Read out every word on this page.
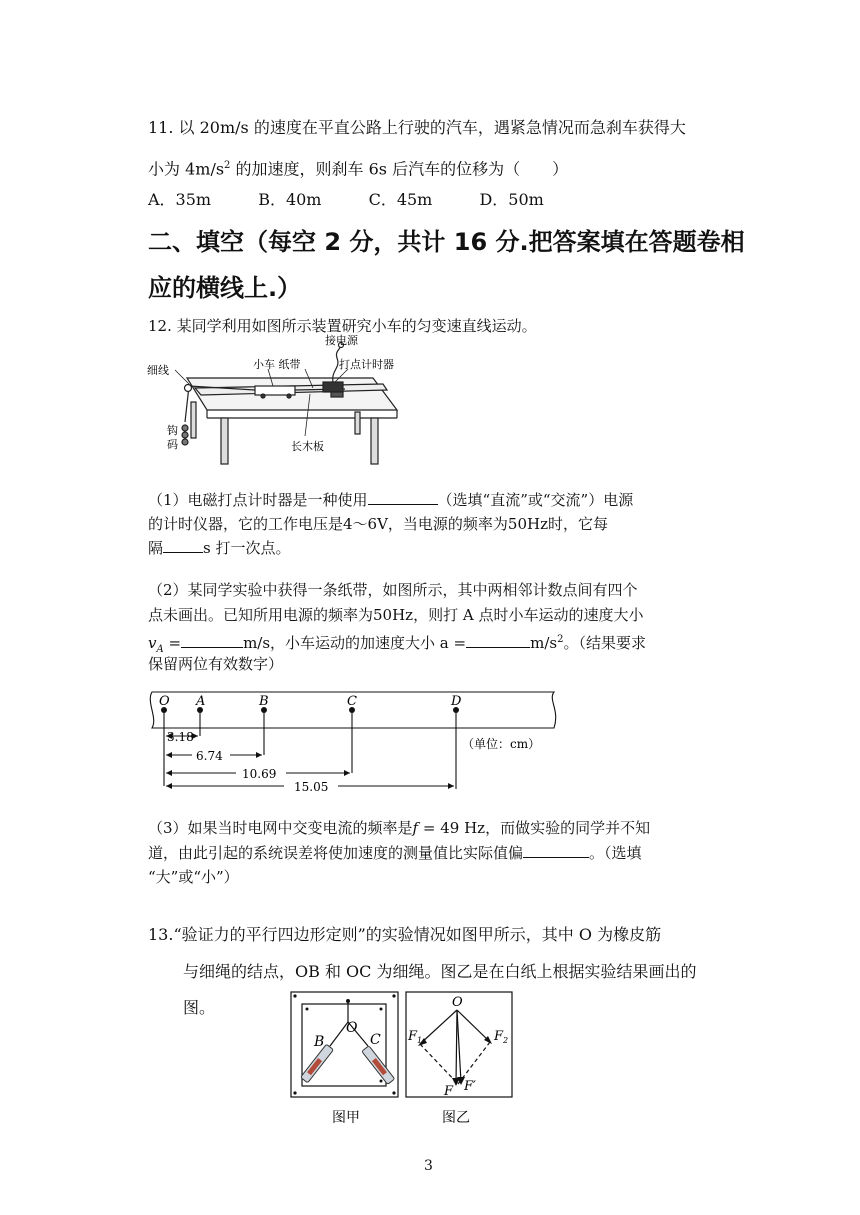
11. 以 20m/s 的速度在平直公路上行驶的汽车，遇紧急情况而急刹车获得大
小为 $4m/s^2$ 的加速度，则刹车 6s 后汽车的位移为（　　）
A．35m	B．40m	C．45m	D．50m
二、填空（每空 2 分，共计 16 分.把答案填在答题卷相
应的横线上.）
12. 某同学利用如图所示装置研究小车的匀变速直线运动。
接电源
细线	小车 纸带	打点计时器
钩
码	长木板
（1）电磁打点计时器是一种使用	（选填“直流”或“交流”）电源
的计时仪器，它的工作电压是4～6V，当电源的频率为50Hz时，它每
隔	s 打一次点。
（2）某同学实验中获得一条纸带，如图所示，其中两相邻计数点间有四个
点未画出。已知所用电源的频率为50Hz，则打 A 点时小车运动的速度大小
$v_A$ =	m/s，小车运动的加速度大小 a =	$m/s^2$。（结果要求
保留两位有效数字）
O A	B	C	D
3.18
6.74
10.69
15.05
（单位：cm）
（3）如果当时电网中交变电流的频率是f = 49 Hz，而做实验的同学并不知
道，由此引起的系统误差将使加速度的测量值比实际值偏	。（选填
“大”或“小”）
13.“验证力的平行四边形定则”的实验情况如图甲所示，其中 O 为橡皮筋
与细绳的结点，OB 和 OC 为细绳。图乙是在白纸上根据实验结果画出的
图。
O
B	C
图甲
O
$F_1$	$F_2$
F F′
图乙
3
